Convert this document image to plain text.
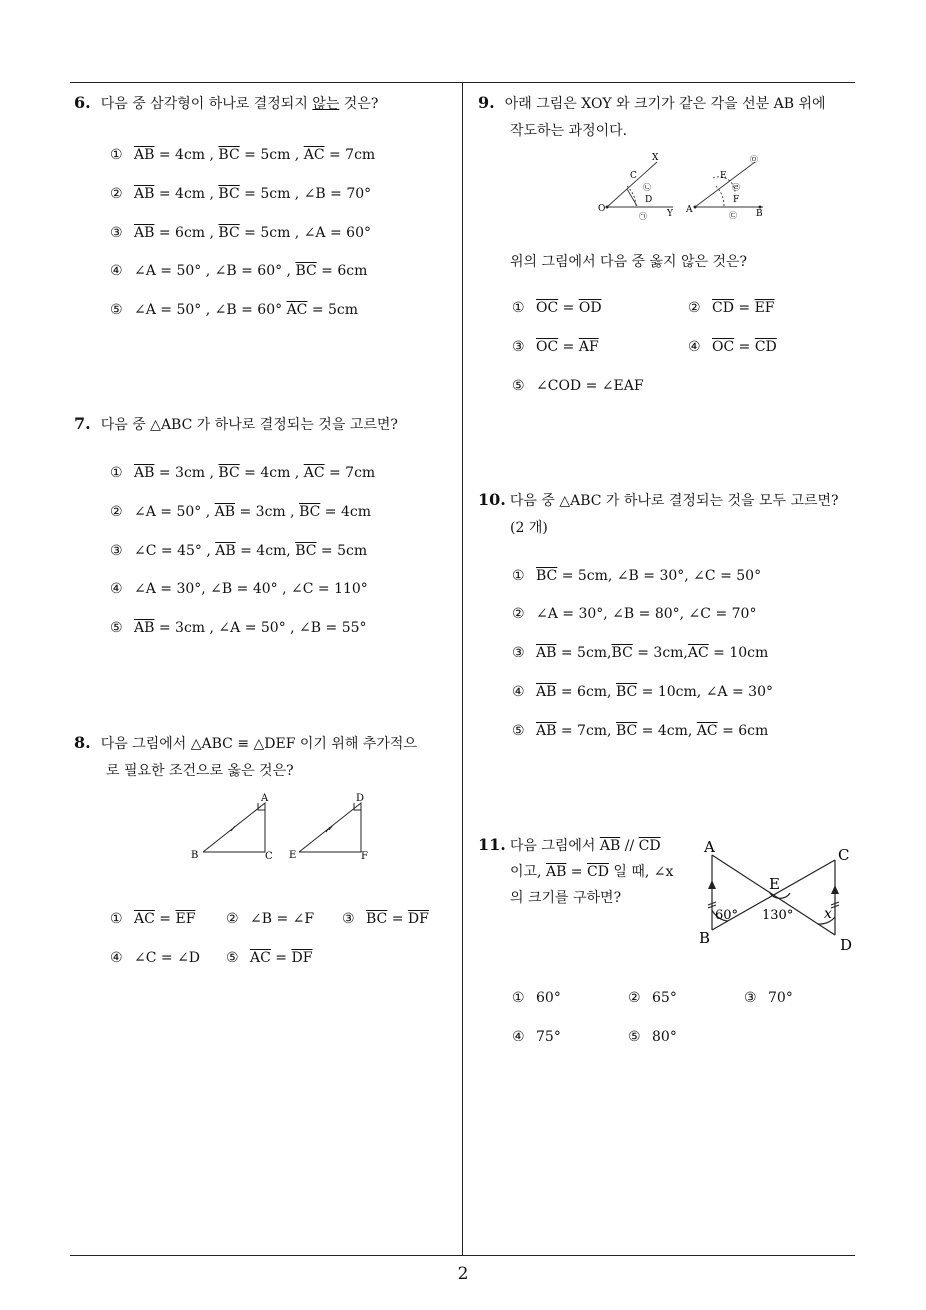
2
6. 다음 중 삼각형이 하나로 결정되지 않는 것은?
① $\overline{AB} = 4cm$ , $\overline{BC} = 5cm$ , $\overline{AC} = 7cm$
② $\overline{AB} = 4cm$ , $\overline{BC} = 5cm$ , ∠B = 70°
③ $\overline{AB} = 6cm$ , $\overline{BC} = 5cm$ , ∠A = 60°
④ ∠A = 50° , ∠B = 60° , $\overline{BC} = 6cm$
⑤ ∠A = 50° , ∠B = 60° $\overline{AC} = 5cm$
7. 다음 중 △ABC 가 하나로 결정되는 것을 고르면?
① $\overline{AB} = 3cm$ , $\overline{BC} = 4cm$ , $\overline{AC} = 7cm$
② ∠A = 50° , $\overline{AB} = 3cm$ , $\overline{BC} = 4cm$
③ ∠C = 45° , $\overline{AB} = 4cm$, $\overline{BC} = 5cm$
④ ∠A = 30°, ∠B = 40° , ∠C = 110°
⑤ $\overline{AB} = 3cm$ , ∠A = 50° , ∠B = 55°
8. 다음 그림에서 △ABC ≡ △DEF 이기 위해 추가적으
로 필요한 조건으로 옳은 것은?
A
B	C
D
E	F
① $\overline{AC} = \overline{EF}$ ② ∠B = ∠F ③ $\overline{BC} = \overline{DF}$
④ ∠C = ∠D ⑤ $\overline{AC} = \overline{DF}$
9. 아래 그림은 XOY 와 크기가 같은 각을 선분 AB 위에
작도하는 과정이다.
X
C
O
D
Y
E
A
F
B
㉠
㉡
㉢
㉣
㉤
위의 그림에서 다음 중 옳지 않은 것은?
① $\overline{OC} = \overline{OD}$	② $\overline{CD} = \overline{EF}$
③ $\overline{OC} = \overline{AF}$	④ $\overline{OC} = \overline{CD}$
⑤ ∠COD = ∠EAF
10. 다음 중 △ABC 가 하나로 결정되는 것을 모두 고르면?
(2 개)
① $\overline{BC} = 5cm$, ∠B = 30°, ∠C = 50°
② ∠A = 30°, ∠B = 80°, ∠C = 70°
③ $\overline{AB} = 5cm,\overline{BC} = 3cm,\overline{AC} = 10cm$
④ $\overline{AB} = 6cm$, $\overline{BC} = 10cm$, ∠A = 30°
⑤ $\overline{AB} = 7cm$, $\overline{BC} = 4cm$, $\overline{AC} = 6cm$
11. 다음 그림에서 $\overline{AB} // \overline{CD}$
이고, $\overline{AB} = \overline{CD}$ 일 때, ∠x
의 크기를 구하면?
A
B
C
D
E
60° 130° x
① 60°	② 65°	③ 70°
④ 75°	⑤ 80°
